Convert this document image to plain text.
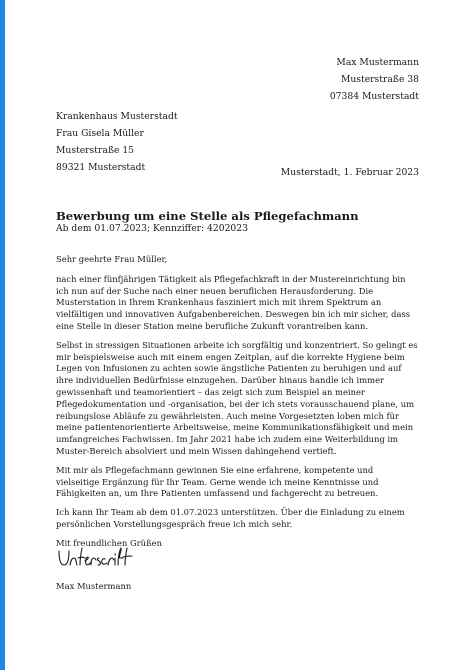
Max Mustermann
Musterstraße 38
07384 Musterstadt
Krankenhaus Musterstadt
Frau Gisela Müller
Musterstraße 15
89321 Musterstadt	Musterstadt, 1. Februar 2023
Bewerbung um eine Stelle als Pflegefachmann
Ab dem 01.07.2023; Kennziffer: 4202023

Sehr geehrte Frau Müller,

nach einer fünfjährigen Tätigkeit als Pflegefachkraft in der Mustereinrichtung bin ich nun auf der Suche nach einer neuen beruflichen Herausforderung. Die Musterstation in Ihrem Krankenhaus fasziniert mich mit ihrem Spektrum an vielfältigen und innovativen Aufgabenbereichen. Deswegen bin ich mir sicher, dass eine Stelle in dieser Station meine berufliche Zukunft vorantreiben kann.

Selbst in stressigen Situationen arbeite ich sorgfältig und konzentriert. So gelingt es mir beispielsweise auch mit einem engen Zeitplan, auf die korrekte Hygiene beim Legen von Infusionen zu achten sowie ängstliche Patienten zu beruhigen und auf ihre individuellen Bedürfnisse einzugehen. Darüber hinaus handle ich immer gewissenhaft und teamorientiert – das zeigt sich zum Beispiel an meiner Pflegedokumentation und -organisation, bei der ich stets vorausschauend plane, um reibungslose Abläufe zu gewährleisten. Auch meine Vorgesetzten loben mich für meine patientenorientierte Arbeitsweise, meine Kommunikationsfähigkeit und mein umfangreiches Fachwissen. Im Jahr 2021 habe ich zudem eine Weiterbildung im Muster-Bereich absolviert und mein Wissen dahingehend vertieft.

Mit mir als Pflegefachmann gewinnen Sie eine erfahrene, kompetente und vielseitige Ergänzung für Ihr Team. Gerne wende ich meine Kenntnisse und Fähigkeiten an, um Ihre Patienten umfassend und fachgerecht zu betreuen.

Ich kann Ihr Team ab dem 01.07.2023 unterstützen. Über die Einladung zu einem persönlichen Vorstellungsgespräch freue ich mich sehr.

Mit freundlichen Grüßen

Max Mustermann
